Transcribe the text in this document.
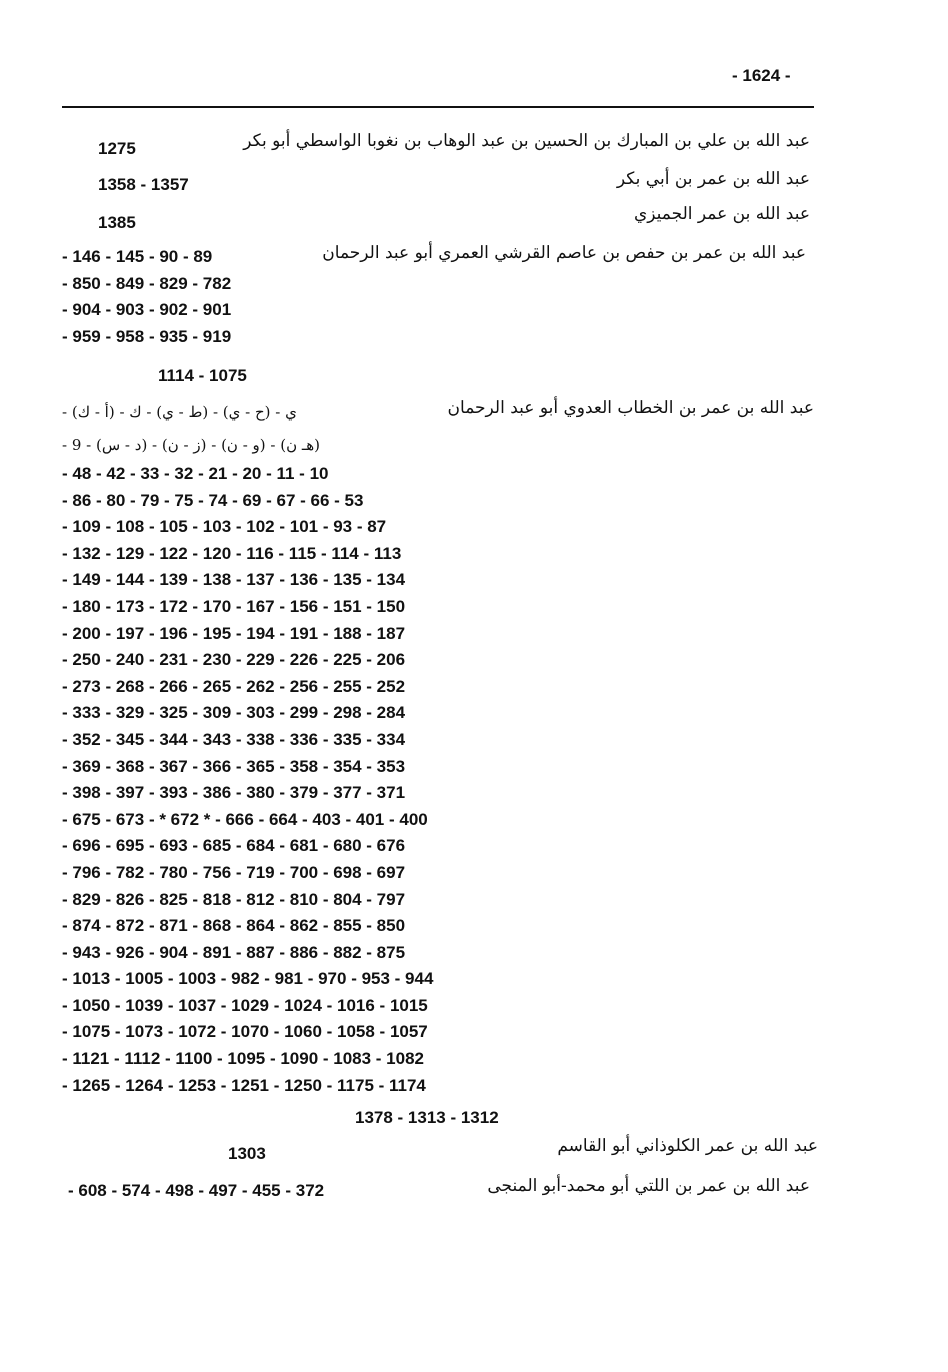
- 1624 -
عبد الله بن علي بن المبارك بن الحسين بن عبد الوهاب بن نغوبا الواسطي أبو بكر
1275
عبد الله بن عمر بن أبي بكر
1358 - 1357
عبد الله بن عمر الجميزي
1385
عبد الله بن عمر بن حفص بن عاصم القرشي العمري أبو عبد الرحمان
- 146 - 145 - 90 - 89
- 850 - 849 - 829 - 782
- 904 - 903 - 902 - 901
- 959 - 958 - 935 - 919
1114 - 1075
عبد الله بن عمر بن الخطاب العدوي أبو عبد الرحمان
ي - (ح - ي) - (ط - ي) - ك - (أ - ك) -
(هـ ن) - (و - ن) - (ز - ن) - (د - س) - 9 -
- 48 - 42 - 33 - 32 - 21 - 20 - 11 - 10
- 86 - 80 - 79 - 75 - 74 - 69 - 67 - 66 - 53
- 109 - 108 - 105 - 103 - 102 - 101 - 93 - 87
- 132 - 129 - 122 - 120 - 116 - 115 - 114 - 113
- 149 - 144 - 139 - 138 - 137 - 136 - 135 - 134
- 180 - 173 - 172 - 170 - 167 - 156 - 151 - 150
- 200 - 197 - 196 - 195 - 194 - 191 - 188 - 187
- 250 - 240 - 231 - 230 - 229 - 226 - 225 - 206
- 273 - 268 - 266 - 265 - 262 - 256 - 255 - 252
- 333 - 329 - 325 - 309 - 303 - 299 - 298 - 284
- 352 - 345 - 344 - 343 - 338 - 336 - 335 - 334
- 369 - 368 - 367 - 366 - 365 - 358 - 354 - 353
- 398 - 397 - 393 - 386 - 380 - 379 - 377 - 371
- 675 - 673 - * 672 * - 666 - 664 - 403 - 401 - 400
- 696 - 695 - 693 - 685 - 684 - 681 - 680 - 676
- 796 - 782 - 780 - 756 - 719 - 700 - 698 - 697
- 829 - 826 - 825 - 818 - 812 - 810 - 804 - 797
- 874 - 872 - 871 - 868 - 864 - 862 - 855 - 850
- 943 - 926 - 904 - 891 - 887 - 886 - 882 - 875
- 1013 - 1005 - 1003 - 982 - 981 - 970 - 953 - 944
- 1050 - 1039 - 1037 - 1029 - 1024 - 1016 - 1015
- 1075 - 1073 - 1072 - 1070 - 1060 - 1058 - 1057
- 1121 - 1112 - 1100 - 1095 - 1090 - 1083 - 1082
- 1265 - 1264 - 1253 - 1251 - 1250 - 1175 - 1174
1378 - 1313 - 1312
عبد الله بن عمر الكلوذاني أبو القاسم
1303
عبد الله بن عمر بن اللتي أبو محمد-أبو المنجى
- 608 - 574 - 498 - 497 - 455 - 372
